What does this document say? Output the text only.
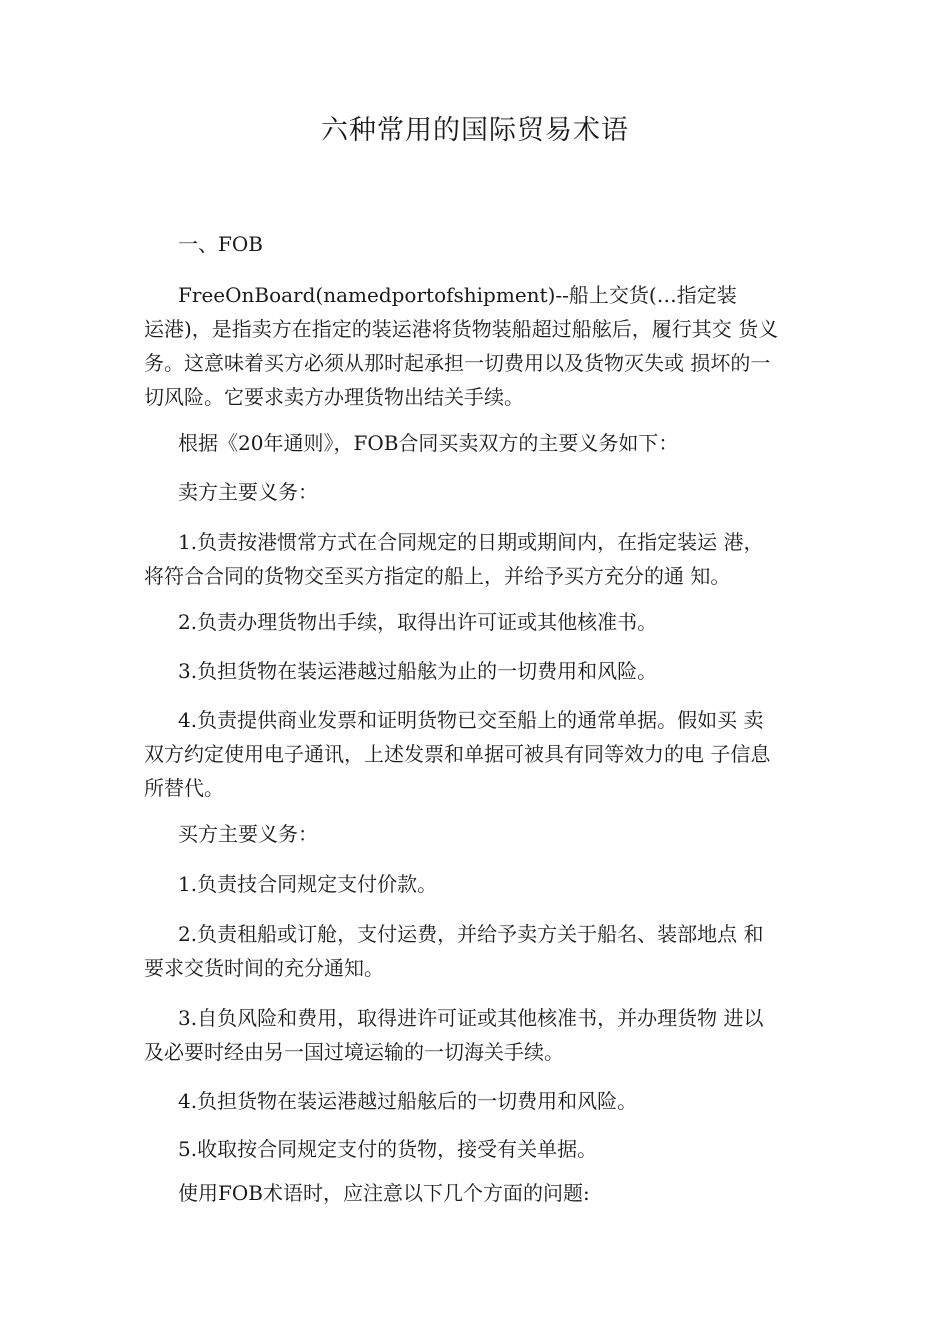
六种常用的国际贸易术语
一、FOB
FreeOnBoard(namedportofshipment)--船上交货(…指定装
运港)，是指卖方在指定的装运港将货物装船超过船舷后，履行其交 货义
务。这意味着买方必须从那时起承担一切费用以及货物灭失或 损坏的一
切风险。它要求卖方办理货物出结关手续。
根据《20年通则》，FOB合同买卖双方的主要义务如下：
卖方主要义务：
1.负责按港惯常方式在合同规定的日期或期间内，在指定装运 港，
将符合合同的货物交至买方指定的船上，并给予买方充分的通 知。
2.负责办理货物出手续，取得出许可证或其他核准书。
3.负担货物在装运港越过船舷为止的一切费用和风险。
4.负责提供商业发票和证明货物已交至船上的通常单据。假如买 卖
双方约定使用电子通讯，上述发票和单据可被具有同等效力的电 子信息
所替代。
买方主要义务：
1.负责技合同规定支付价款。
2.负责租船或订舱，支付运费，并给予卖方关于船名、装部地点 和
要求交货时间的充分通知。
3.自负风险和费用，取得进许可证或其他核准书，并办理货物 进以
及必要时经由另一国过境运输的一切海关手续。
4.负担货物在装运港越过船舷后的一切费用和风险。
5.收取按合同规定支付的货物，接受有关单据。
使用FOB术语时，应注意以下几个方面的问题:
